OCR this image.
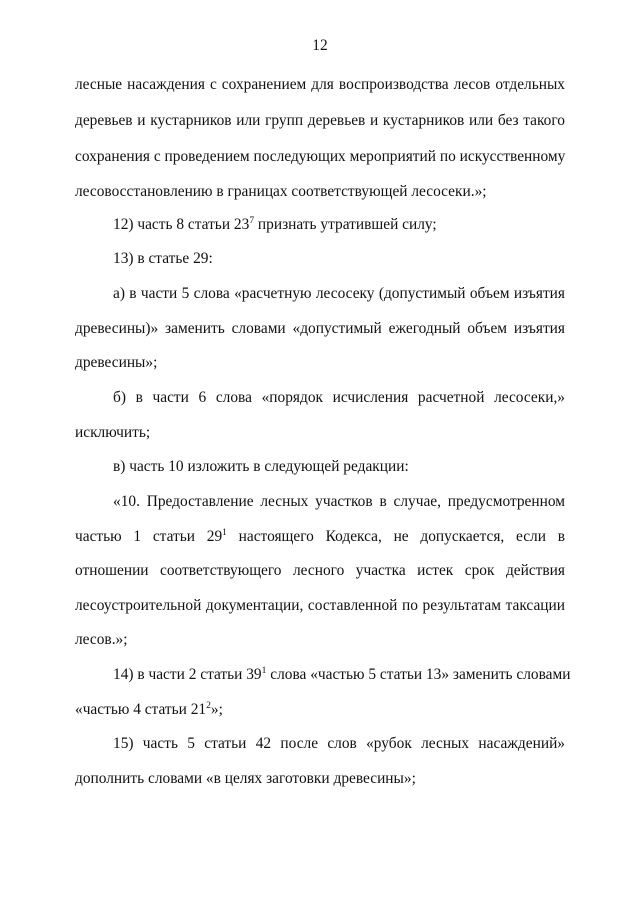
12
лесные насаждения с сохранением для воспроизводства лесов отдельных
деревьев и кустарников или групп деревьев и кустарников или без такого
сохранения с проведением последующих мероприятий по искусственному
лесовосстановлению в границах соответствующей лесосеки.»;
12) часть 8 статьи $23^7$ признать утратившей силу;
13) в статье 29:
а) в части 5 слова «расчетную лесосеку (допустимый объем изъятия
древесины)» заменить словами «допустимый ежегодный объем изъятия
древесины»;
б) в части 6 слова «порядок исчисления расчетной лесосеки,»
исключить;
в) часть 10 изложить в следующей редакции:
«10. Предоставление лесных участков в случае, предусмотренном
частью 1 статьи $29^1$ настоящего Кодекса, не допускается, если в
отношении соответствующего лесного участка истек срок действия
лесоустроительной документации, составленной по результатам таксации
лесов.»;
14) в части 2 статьи $39^1$ слова «частью 5 статьи 13» заменить словами
«частью 4 статьи $21^2$»;
15) часть 5 статьи 42 после слов «рубок лесных насаждений»
дополнить словами «в целях заготовки древесины»;
